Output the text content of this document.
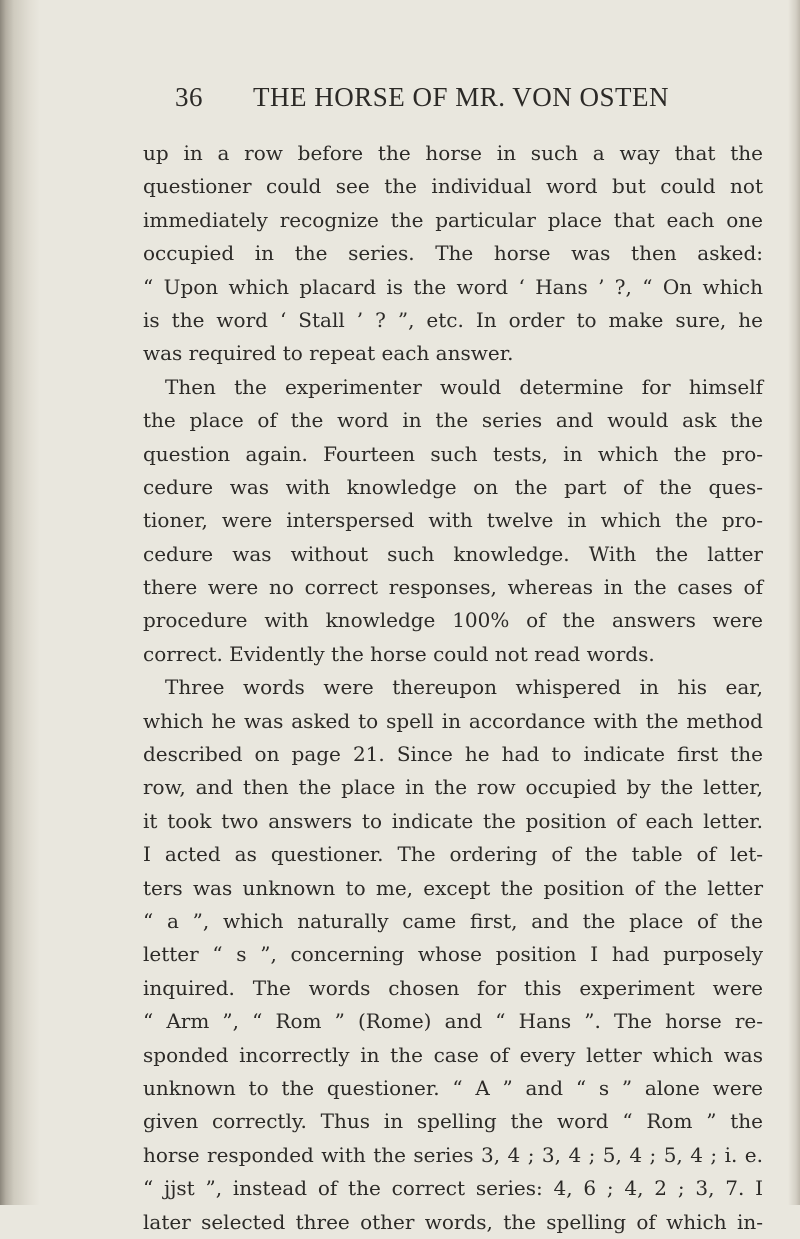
36 THE HORSE OF MR. VON OSTEN
up in a row before the horse in such a way that the
questioner could see the individual word but could not
immediately recognize the particular place that each one
occupied in the series. The horse was then asked:
“ Upon which placard is the word ‘ Hans ’ ?, “ On which
is the word ‘ Stall ’ ? ”, etc. In order to make sure, he
was required to repeat each answer.
Then the experimenter would determine for himself
the place of the word in the series and would ask the
question again. Fourteen such tests, in which the pro-
cedure was with knowledge on the part of the ques-
tioner, were interspersed with twelve in which the pro-
cedure was without such knowledge. With the latter
there were no correct responses, whereas in the cases of
procedure with knowledge 100% of the answers were
correct. Evidently the horse could not read words.
Three words were thereupon whispered in his ear,
which he was asked to spell in accordance with the method
described on page 21. Since he had to indicate first the
row, and then the place in the row occupied by the letter,
it took two answers to indicate the position of each letter.
I acted as questioner. The ordering of the table of let-
ters was unknown to me, except the position of the letter
“ a ”, which naturally came first, and the place of the
letter “ s ”, concerning whose position I had purposely
inquired. The words chosen for this experiment were
“ Arm ”, “ Rom ” (Rome) and “ Hans ”. The horse re-
sponded incorrectly in the case of every letter which was
unknown to the questioner. “ A ” and “ s ” alone were
given correctly. Thus in spelling the word “ Rom ” the
horse responded with the series 3, 4 ; 3, 4 ; 5, 4 ; 5, 4 ; i. e.
“ jjst ”, instead of the correct series: 4, 6 ; 4, 2 ; 3, 7. I
later selected three other words, the spelling of which in-
